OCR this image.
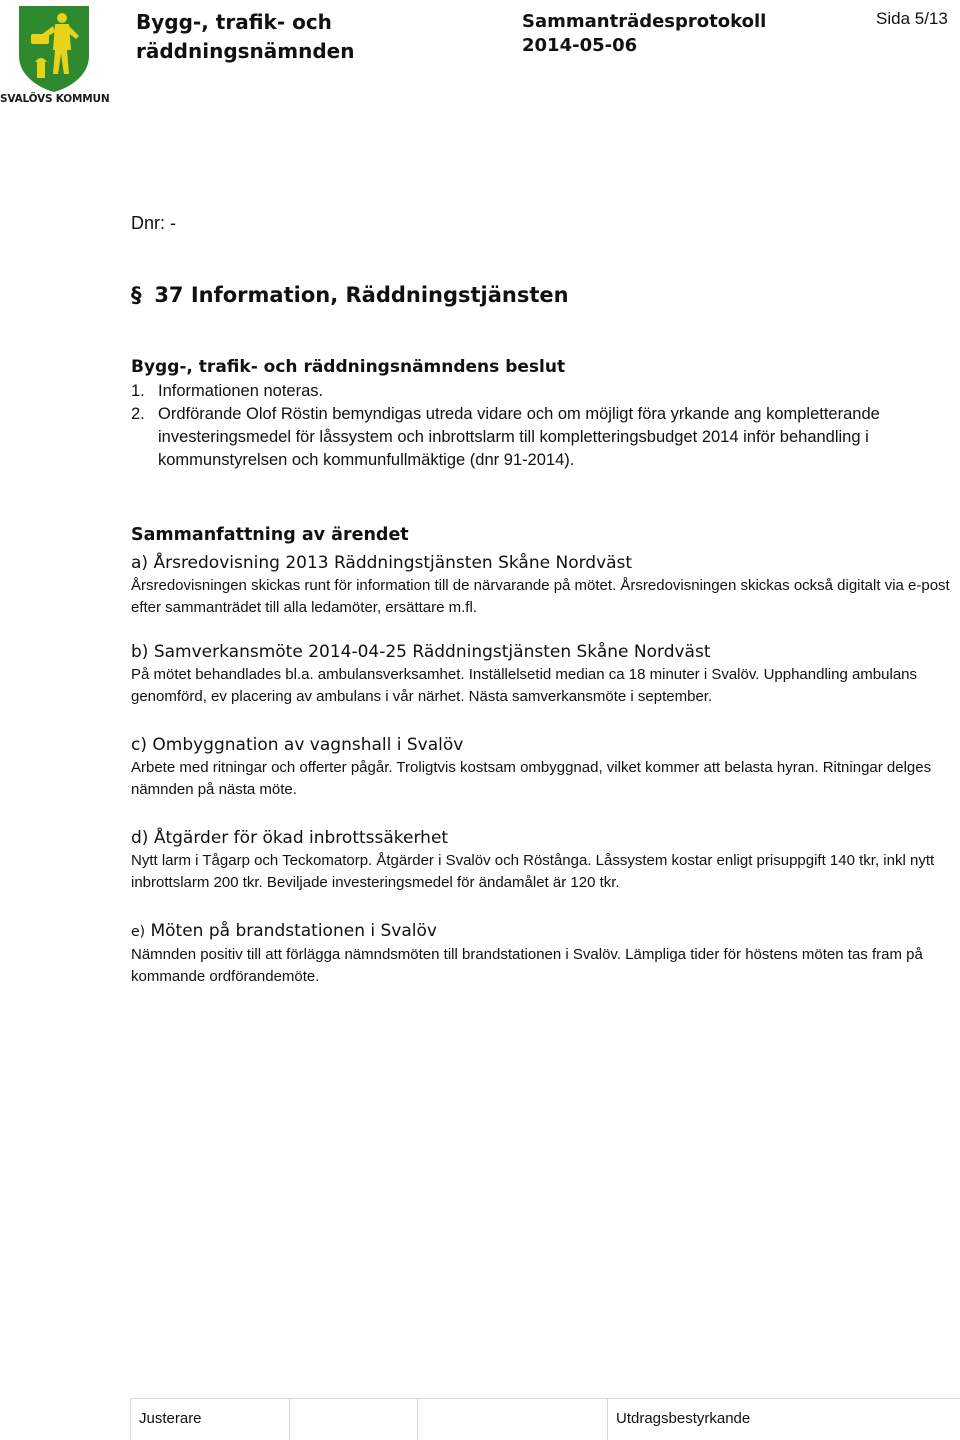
SVALÖVS KOMMUN
Bygg-, trafik- och räddningsnämnden
Sammanträdesprotokoll
2014-05-06
Sida 5/13
Dnr: -
§ 37 Information, Räddningstjänsten
Bygg-, trafik- och räddningsnämndens beslut
1. Informationen noteras.
2. Ordförande Olof Röstin bemyndigas utreda vidare och om möjligt föra yrkande ang kompletterande investeringsmedel för låssystem och inbrottslarm till kompletteringsbudget 2014 inför behandling i kommunstyrelsen och kommunfullmäktige (dnr 91-2014).
Sammanfattning av ärendet
a) Årsredovisning 2013 Räddningstjänsten Skåne Nordväst
Årsredovisningen skickas runt för information till de närvarande på mötet. Årsredovisningen skickas också digitalt via e-post efter sammanträdet till alla ledamöter, ersättare m.fl.
b) Samverkansmöte 2014-04-25 Räddningstjänsten Skåne Nordväst
På mötet behandlades bl.a. ambulansverksamhet. Inställelsetid median ca 18 minuter i Svalöv. Upphandling ambulans genomförd, ev placering av ambulans i vår närhet. Nästa samverkansmöte i september.
c) Ombyggnation av vagnshall i Svalöv
Arbete med ritningar och offerter pågår. Troligtvis kostsam ombyggnad, vilket kommer att belasta hyran. Ritningar delges nämnden på nästa möte.
d) Åtgärder för ökad inbrottssäkerhet
Nytt larm i Tågarp och Teckomatorp. Åtgärder i Svalöv och Röstånga. Låssystem kostar enligt prisuppgift 140 tkr, inkl nytt inbrottslarm 200 tkr. Beviljade investeringsmedel för ändamålet är 120 tkr.
e) Möten på brandstationen i Svalöv
Nämnden positiv till att förlägga nämndsmöten till brandstationen i Svalöv. Lämpliga tider för höstens möten tas fram på kommande ordförandemöte.
Justerare	Utdragsbestyrkande
